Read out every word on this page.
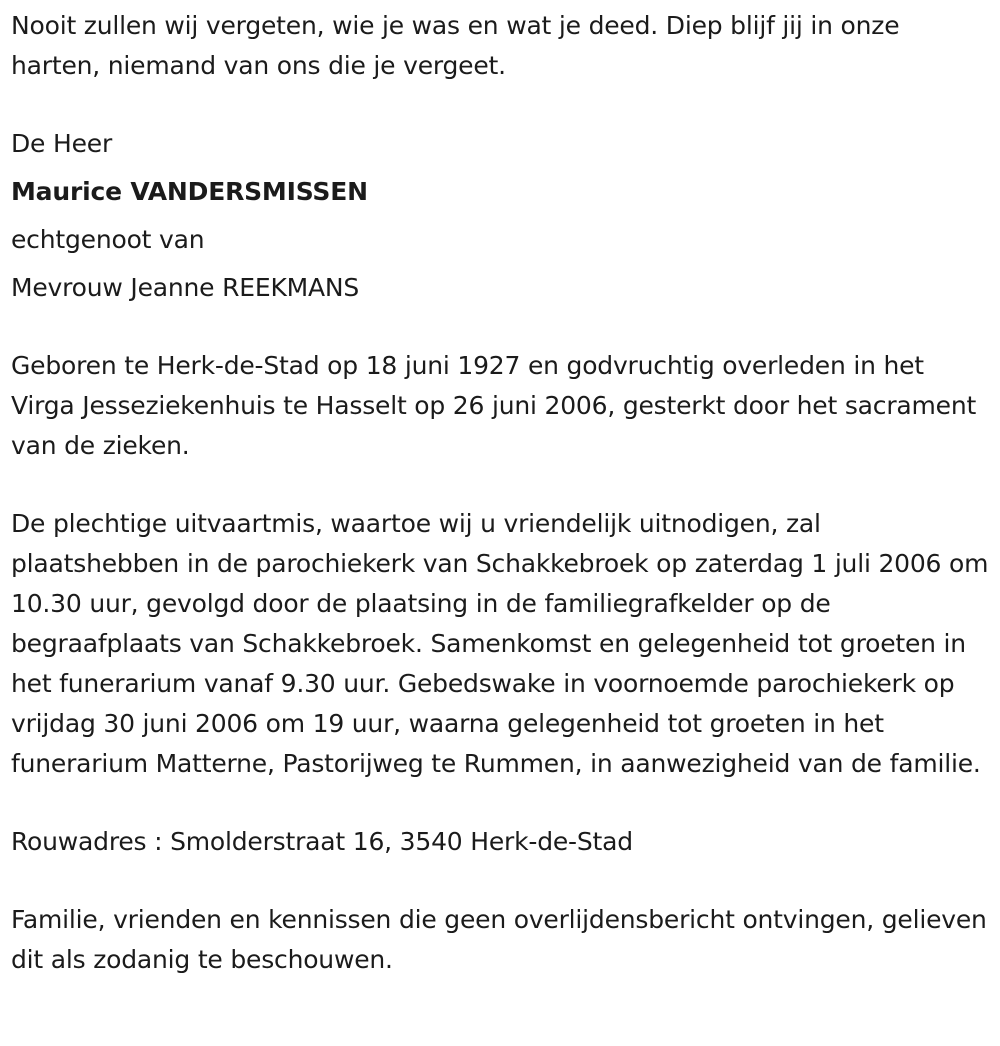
Nooit zullen wij vergeten, wie je was en wat je deed. Diep blijf jij in onze harten, niemand van ons die je vergeet.

De Heer

Maurice VANDERSMISSEN

echtgenoot van

Mevrouw Jeanne REEKMANS

Geboren te Herk-de-Stad op 18 juni 1927 en godvruchtig overleden in het Virga Jesseziekenhuis te Hasselt op 26 juni 2006, gesterkt door het sacrament van de zieken.

De plechtige uitvaartmis, waartoe wij u vriendelijk uitnodigen, zal plaatshebben in de parochiekerk van Schakkebroek op zaterdag 1 juli 2006 om 10.30 uur, gevolgd door de plaatsing in de familiegrafkelder op de begraafplaats van Schakkebroek. Samenkomst en gelegenheid tot groeten in het funerarium vanaf 9.30 uur. Gebedswake in voornoemde parochiekerk op vrijdag 30 juni 2006 om 19 uur, waarna gelegenheid tot groeten in het funerarium Matterne, Pastorijweg te Rummen, in aanwezigheid van de familie.

Rouwadres : Smolderstraat 16, 3540 Herk-de-Stad

Familie, vrienden en kennissen die geen overlijdensbericht ontvingen, gelieven dit als zodanig te beschouwen.
